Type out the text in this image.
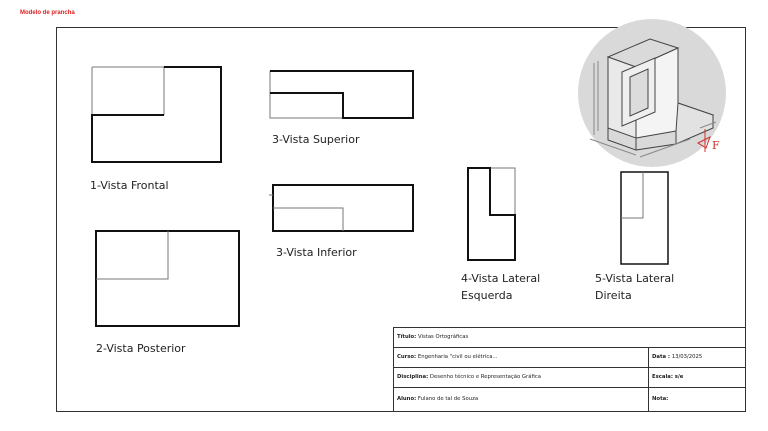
Modelo de prancha
F
1-Vista Frontal
3-Vista Superior
3-Vista Inferior
2-Vista Posterior
4-Vista Lateral
Esquerda
5-Vista Lateral
Direita
Título: Vistas Ortográficas	
Curso: Engenharia "civil ou elétrica...	Data : 13/03/2025
Disciplina: Desenho técnico e Representação Gráfica	Escala: s/e
Aluno: Fulano de tal de Souza	Nota:
